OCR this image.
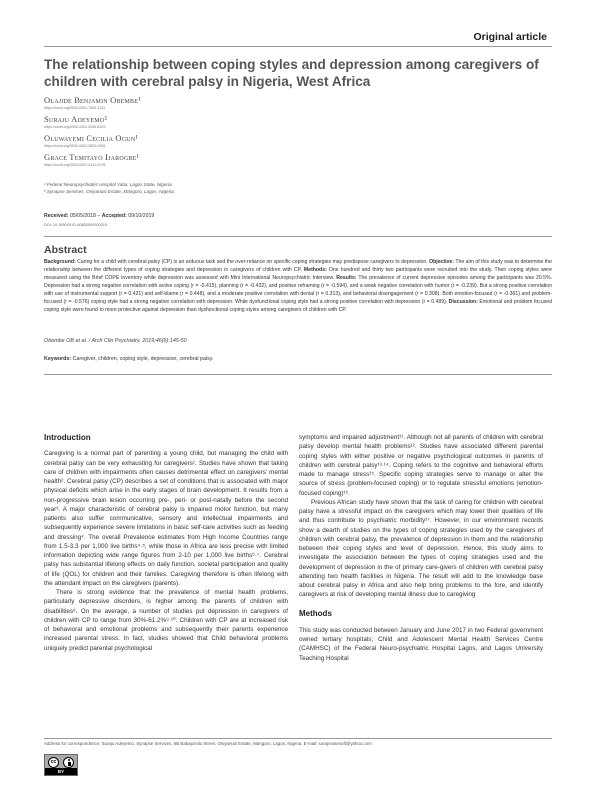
Original article
The relationship between coping styles and depression among caregivers of children with cerebral palsy in Nigeria, West Africa
Olajide Benjamin Obembe¹
https://orcid.org/0000-0001-7563-1143
Suraju Adeyemo²
https://orcid.org/0000-0002-0266-810X
Oluwayemi Cecilia Ogun¹
https://orcid.org/0000-0002-3820-0306
Grace Temitayo Ijarogbe¹
https://orcid.org/0000-0002-4131-6708
¹ Federal Neuropsychiatric Hospital Yaba, Lagos State, Nigeria.
² Synapse Services, Oniyanusi Estate, Mangoro, Lagos, Nigeria.
Received: 05/05/2018 – Accepted: 09/10/2019
DOI: 10.1590/0101-60830000000215
Abstract

Background: Caring for a child with cerebral palsy (CP) is an arduous task and the over-reliance on specific coping strategies may predispose caregivers to depression. Objective: The aim of this study was to determine the relationship between the different types of coping strategies and depression in caregivers of children with CP. Methods: One hundred and thirty two participants were recruited into the study. Their coping styles were measured using the Brief COPE inventory while depression was assessed with Mini International Neuropsychiatric Interview. Results: The prevalence of current depressive episodes among the participants was 20.5%. Depression had a strong negative correlation with active coping (r = -0.415), planning (r = -0.432), and positive reframing (r = -0.594), and a weak negative correlation with humor (r = -0.239). But a strong positive correlation with use of instrumental support (r = 0.421) and self-blame (r = 0.448), and a moderate positive correlation with denial (r = 0.313), and behavioral disengagement (r = 0.308). Both emotion-focused (r = -0.361) and problem-focused (r = -0.576) coping style had a strong negative correlation with depression. While dysfunctional coping style had a strong positive correlation with depression (r = 0.489). Discussion: Emotional and problem focused coping style were found to more protective against depression than dysfunctional coping styles among caregivers of children with CP.

Obembe OB et al. / Arch Clin Psychiatry. 2019;46(6):145-50
Keywords: Caregiver, children, coping style, depression, cerebral palsy.
Introduction

Caregiving is a normal part of parenting a young child, but managing the child with cerebral palsy can be very exhausting for caregivers¹. Studies have shown that taking care of children with impairments often causes detrimental effect on caregivers' mental health². Cerebral palsy (CP) describes a set of conditions that is associated with major physical deficits which arise in the early stages of brain development. It results from a non-progressive brain lesion occurring pre-, peri- or post-natally before the second year³. A major characteristic of cerebral palsy is impaired motor function, but many patients also suffer communicative, sensory and intellectual impairments and subsequently experience severe limitations in basic self-care activities such as feeding and dressing⁴. The overall Prevalence estimates from High Income Countries range from 1.5-3.3 per 1,000 live births⁴·⁵, while those in Africa are less precise with limited information depicting wide range figures from 2-10 per 1,000 live births⁶·⁷. Cerebral palsy has substantial lifelong effects on daily function, societal participation and quality of life (QOL) for children and their families. Caregiving therefore is often lifelong with the attendant impact on the caregivers (parents).

There is strong evidence that the prevalence of mental health problems, particularly depressive disorders, is higher among the parents of children with disabilities⁸. On the average, a number of studies put depression in caregivers of children with CP to range from 30%-61.2%⁹·¹⁰. Children with CP are at increased risk of behavioral and emotional problems and subsequently their parents experience increased parental stress. In fact, studies showed that Child behavioral problems uniquely predict parental psychological

symptoms and impaired adjustment¹¹. Although not all parents of children with cerebral palsy develop mental health problems¹². Studies have associated different parental coping styles with either positive or negative psychological outcomes in parents of children with cerebral palsy¹³·¹⁴. Coping refers to the cognitive and behavioral efforts made to manage stress¹⁵. Specific coping strategies serve to manage or alter the source of stress (problem-focused coping) or to regulate stressful emotions (emotion-focused coping)¹⁶.

Previous African study have shown that the task of caring for children with cerebral palsy have a stressful impact on the caregivers which may lower their qualities of life and thus contribute to psychiatric morbidity¹⁷. However, in our environment records show a dearth of studies on the types of coping strategies used by the caregivers of children with cerebral palsy, the prevalence of depression in them and the relationship between their coping styles and level of depression. Hence, this study aims to investigate the association between the types of coping strategies used and the development of depression in the of primary care-givers of children with cerebral palsy attending two health facilities in Nigeria. The result will add to the knowledge base about cerebral palsy in Africa and also help bring problems to the fore, and identify caregivers at risk of developing mental illness due to caregiving

Methods

This study was conducted between January and June 2017 in two Federal government owned tertiary hospitals; Child and Adolescent Mental Health Services Centre (CAMHSC) of the Federal Neuro-psychiatric Hospital Lagos, and Lagos University Teaching Hospital

Address for correspondence: Suraju Adeyemo. Synapse Services, 6B Babajomilo Street, Oniyanusi Estate, Mangoro, Lagos, Nigeria. E-mail: surajmosesoft@yahoo.com
cc
BY
